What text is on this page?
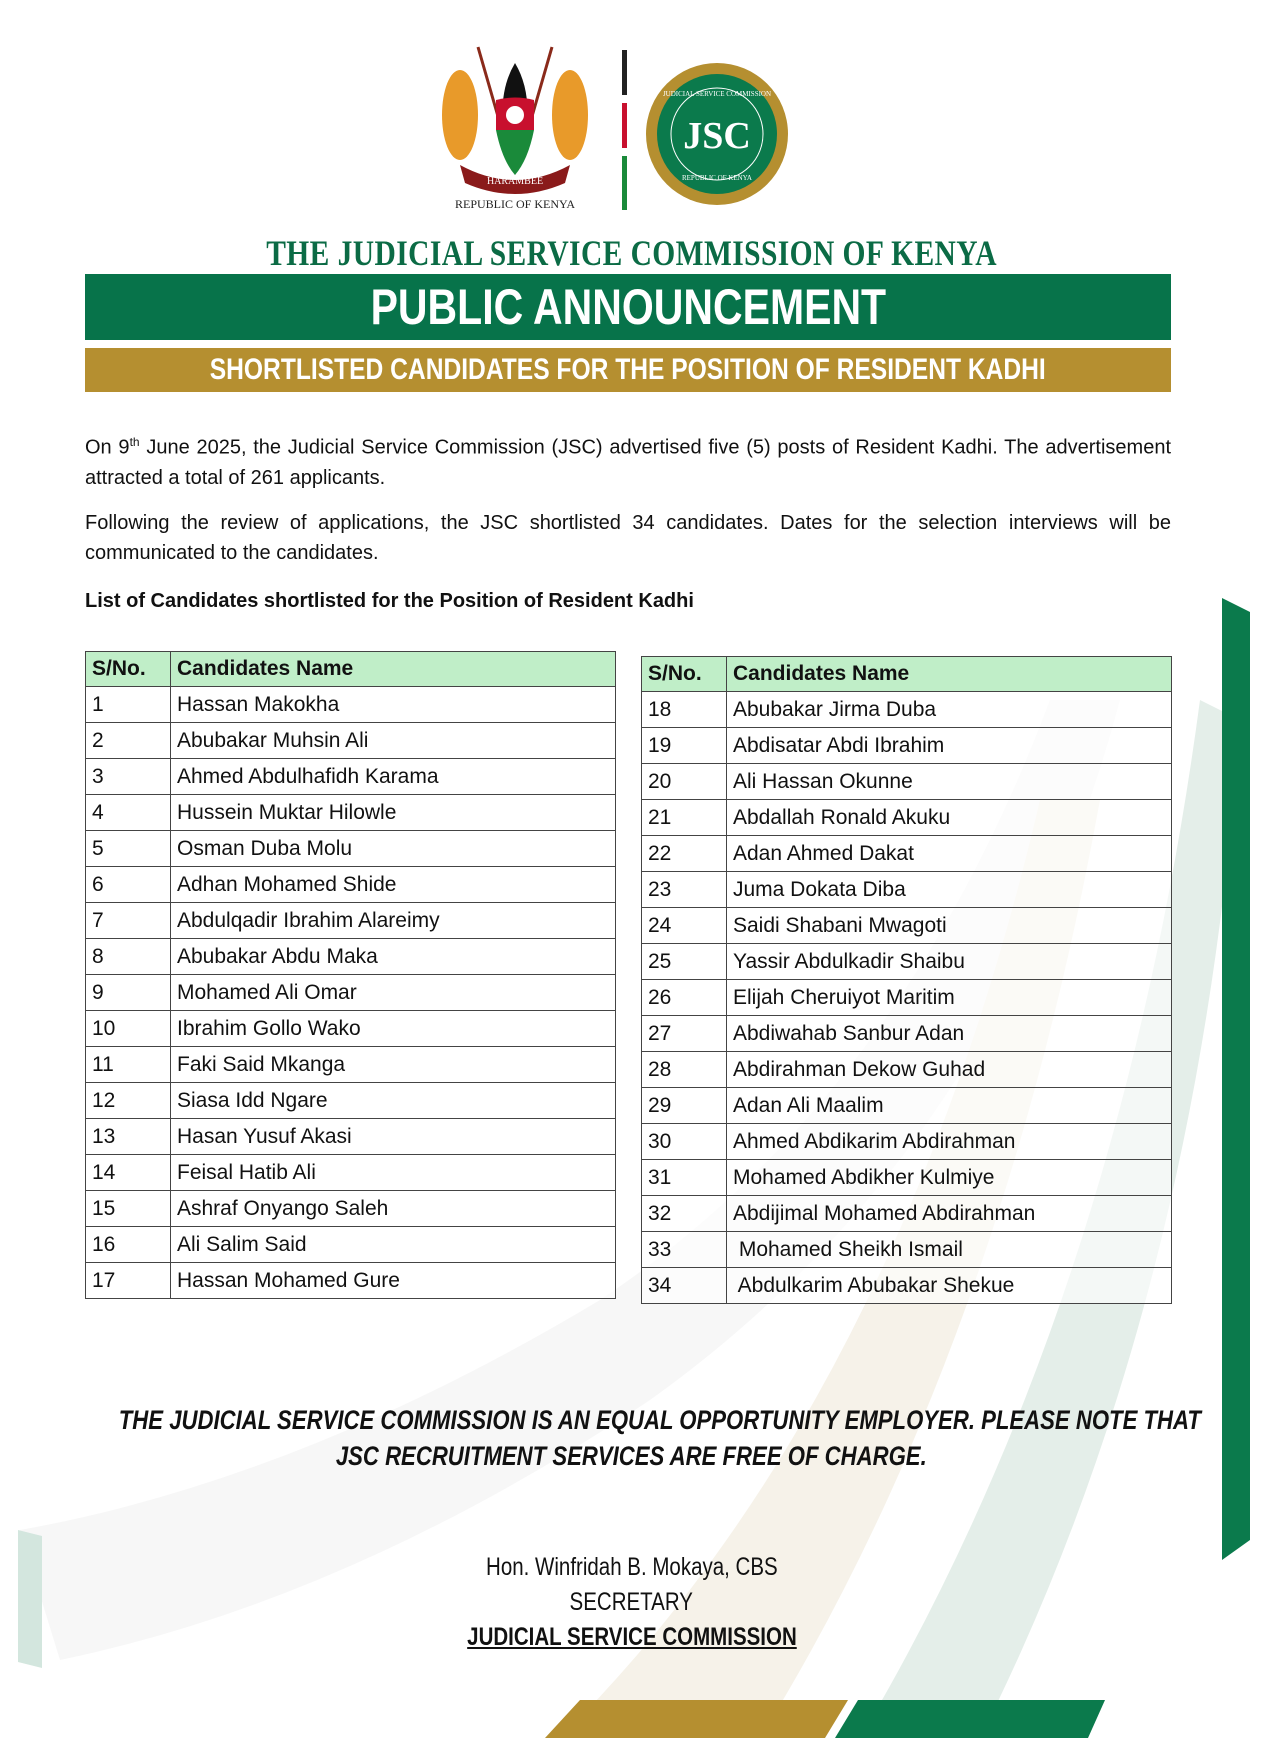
HARAMBEE
REPUBLIC OF KENYA
JSC
JUDICIAL SERVICE COMMISSION
REPUBLIC OF KENYA
THE JUDICIAL SERVICE COMMISSION OF KENYA
PUBLIC ANNOUNCEMENT
SHORTLISTED CANDIDATES FOR THE POSITION OF RESIDENT KADHI
On 9th June 2025, the Judicial Service Commission (JSC) advertised five (5) posts of Resident Kadhi. The advertisement attracted a total of 261 applicants.
Following the review of applications, the JSC shortlisted 34 candidates. Dates for the selection interviews will be communicated to the candidates.
List of Candidates shortlisted for the Position of Resident Kadhi
S/No.	Candidates Name
1	Hassan Makokha
2	Abubakar Muhsin Ali
3	Ahmed Abdulhafidh Karama
4	Hussein Muktar Hilowle
5	Osman Duba Molu
6	Adhan Mohamed Shide
7	Abdulqadir Ibrahim Alareimy
8	Abubakar Abdu Maka
9	Mohamed Ali Omar
10	Ibrahim Gollo Wako
11	Faki Said Mkanga
12	Siasa Idd Ngare
13	Hasan Yusuf Akasi
14	Feisal Hatib Ali
15	Ashraf Onyango Saleh
16	Ali Salim Said
17	Hassan Mohamed Gure
S/No.	Candidates Name
18	Abubakar Jirma Duba
19	Abdisatar Abdi Ibrahim
20	Ali Hassan Okunne
21	Abdallah Ronald Akuku
22	Adan Ahmed Dakat
23	Juma Dokata Diba
24	Saidi Shabani Mwagoti
25	Yassir Abdulkadir Shaibu
26	Elijah Cheruiyot Maritim
27	Abdiwahab Sanbur Adan
28	Abdirahman Dekow Guhad
29	Adan Ali Maalim
30	Ahmed Abdikarim Abdirahman
31	Mohamed Abdikher Kulmiye
32	Abdijimal Mohamed Abdirahman
33	Mohamed Sheikh Ismail
34	Abdulkarim Abubakar Shekue
THE JUDICIAL SERVICE COMMISSION IS AN EQUAL OPPORTUNITY EMPLOYER. PLEASE NOTE THAT
JSC RECRUITMENT SERVICES ARE FREE OF CHARGE.
Hon. Winfridah B. Mokaya, CBS
SECRETARY
JUDICIAL SERVICE COMMISSION
